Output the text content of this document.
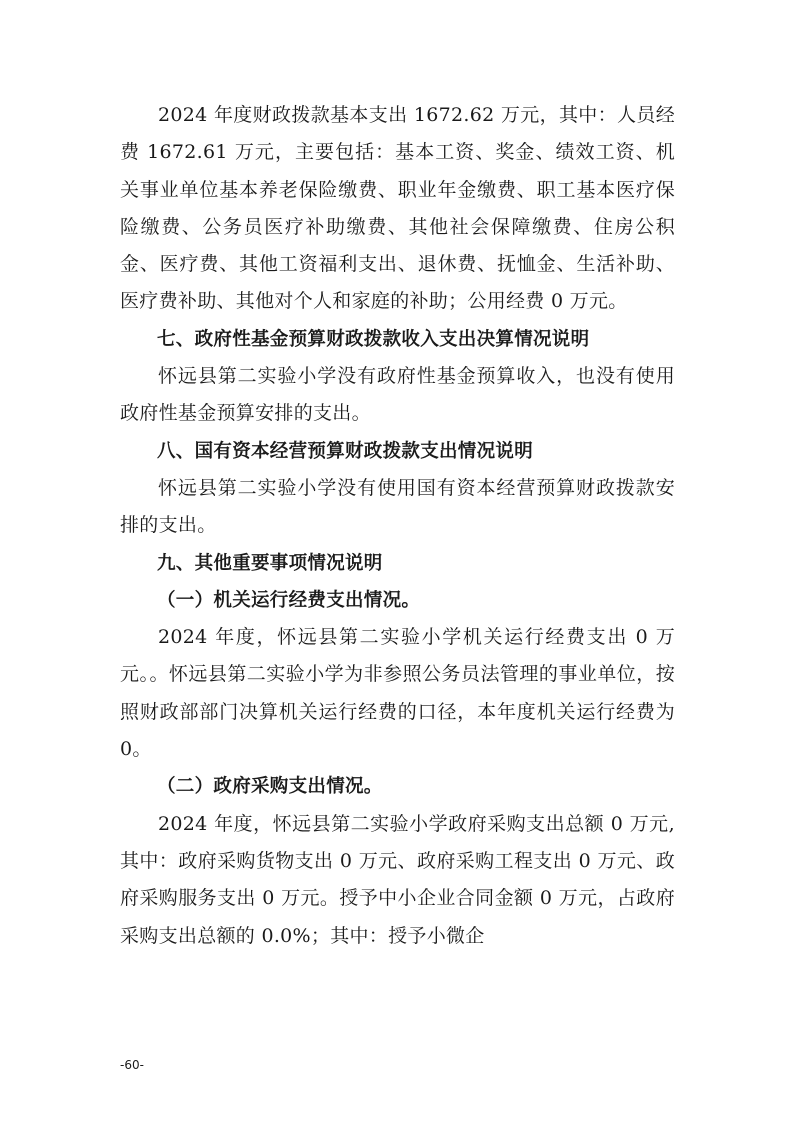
2024 年度财政拨款基本支出 1672.62 万元，其中：人员经费 1672.61 万元，主要包括：基本工资、奖金、绩效工资、机关事业单位基本养老保险缴费、职业年金缴费、职工基本医疗保险缴费、公务员医疗补助缴费、其他社会保障缴费、住房公积金、医疗费、其他工资福利支出、退休费、抚恤金、生活补助、医疗费补助、其他对个人和家庭的补助；公用经费 0 万元。

七、政府性基金预算财政拨款收入支出决算情况说明

怀远县第二实验小学没有政府性基金预算收入，也没有使用政府性基金预算安排的支出。

八、国有资本经营预算财政拨款支出情况说明

怀远县第二实验小学没有使用国有资本经营预算财政拨款安排的支出。

九、其他重要事项情况说明

（一）机关运行经费支出情况。

2024 年度，怀远县第二实验小学机关运行经费支出 0 万元。。怀远县第二实验小学为非参照公务员法管理的事业单位，按照财政部部门决算机关运行经费的口径，本年度机关运行经费为 0。

（二）政府采购支出情况。

2024 年度，怀远县第二实验小学政府采购支出总额 0 万元,其中：政府采购货物支出 0 万元、政府采购工程支出 0 万元、政府采购服务支出 0 万元。授予中小企业合同金额 0 万元，占政府采购支出总额的 0.0%；其中：授予小微企

-60-
